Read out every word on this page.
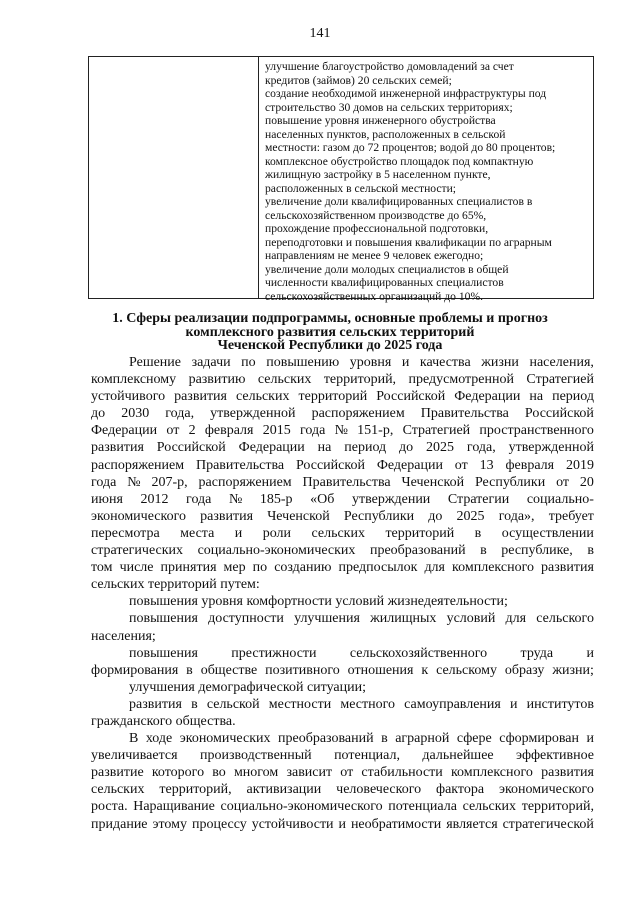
141
улучшение благоустройство домовладений за счет
кредитов (займов) 20 сельских семей;
создание необходимой инженерной инфраструктуры под
строительство 30 домов на сельских территориях;
повышение уровня инженерного обустройства
населенных пунктов, расположенных в сельской
местности: газом до 72 процентов; водой до 80 процентов;
комплексное обустройство площадок под компактную
жилищную застройку в 5 населенном пункте,
расположенных в сельской местности;
увеличение доли квалифицированных специалистов в
сельскохозяйственном производстве до 65%,
прохождение профессиональной подготовки,
переподготовки и повышения квалификации по аграрным
направлениям не менее 9 человек ежегодно;
увеличение доли молодых специалистов в общей
численности квалифицированных специалистов
сельскохозяйственных организаций до 10%.
1. Сферы реализации подпрограммы, основные проблемы и прогноз
комплексного развития сельских территорий
Чеченской Республики до 2025 года
Решение задачи по повышению уровня и качества жизни населения,
комплексному развитию сельских территорий, предусмотренной Стратегией
устойчивого развития сельских территорий Российской Федерации на период
до 2030 года, утвержденной распоряжением Правительства Российской
Федерации от 2 февраля 2015 года № 151-р, Стратегией пространственного
развития Российской Федерации на период до 2025 года, утвержденной
распоряжением Правительства Российской Федерации от 13 февраля 2019
года № 207-р, распоряжением Правительства Чеченской Республики от 20
июня 2012 года № 185-р «Об утверждении Стратегии социально-
экономического развития Чеченской Республики до 2025 года», требует
пересмотра места и роли сельских территорий в осуществлении
стратегических социально-экономических преобразований в республике, в
том числе принятия мер по созданию предпосылок для комплексного развития
сельских территорий путем:
повышения уровня комфортности условий жизнедеятельности;
повышения доступности улучшения жилищных условий для сельского
населения;
повышения престижности сельскохозяйственного труда и
формирования в обществе позитивного отношения к сельскому образу жизни;
улучшения демографической ситуации;
развития в сельской местности местного самоуправления и институтов
гражданского общества.
В ходе экономических преобразований в аграрной сфере сформирован и
увеличивается производственный потенциал, дальнейшее эффективное
развитие которого во многом зависит от стабильности комплексного развития
сельских территорий, активизации человеческого фактора экономического
роста. Наращивание социально-экономического потенциала сельских территорий,
придание этому процессу устойчивости и необратимости является стратегической
